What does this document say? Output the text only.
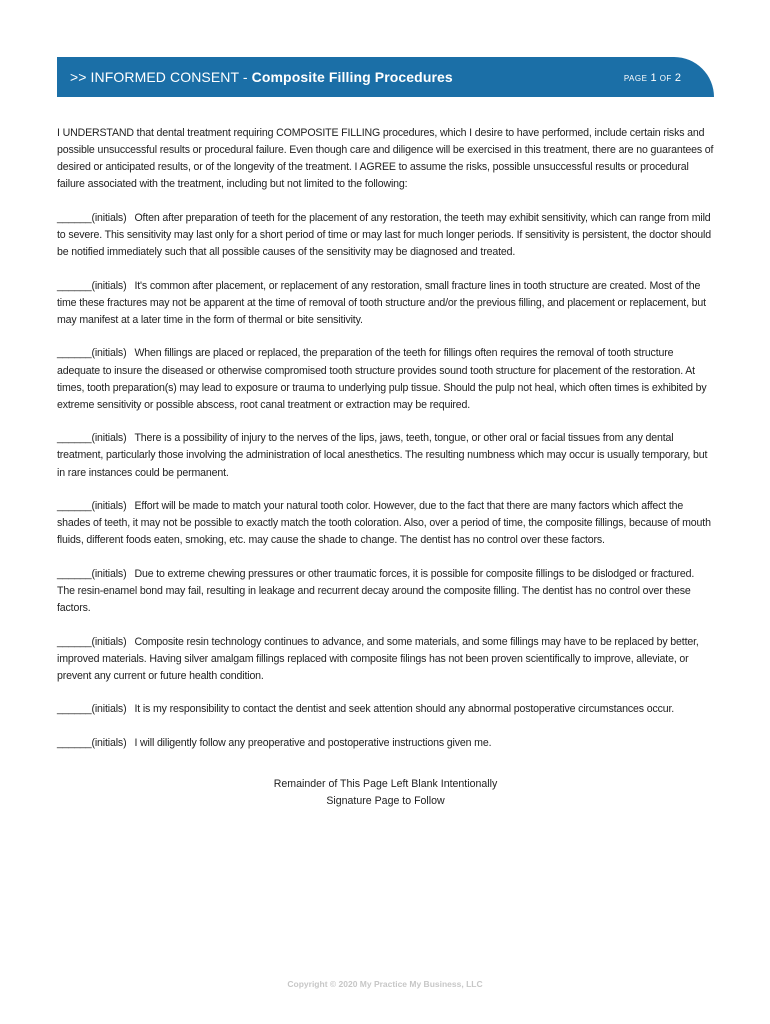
>> INFORMED CONSENT - Composite Filling Procedures	PAGE 1 OF 2

I UNDERSTAND that dental treatment requiring COMPOSITE FILLING procedures, which I desire to have performed, include certain risks and possible unsuccessful results or procedural failure. Even though care and diligence will be exercised in this treatment, there are no guarantees of desired or anticipated results, or of the longevity of the treatment. I AGREE to assume the risks, possible unsuccessful results or procedural failure associated with the treatment, including but not limited to the following:

______(initials) Often after preparation of teeth for the placement of any restoration, the teeth may exhibit sensitivity, which can range from mild to severe. This sensitivity may last only for a short period of time or may last for much longer periods. If sensitivity is persistent, the doctor should be notified immediately such that all possible causes of the sensitivity may be diagnosed and treated.

______(initials) It's common after placement, or replacement of any restoration, small fracture lines in tooth structure are created. Most of the time these fractures may not be apparent at the time of removal of tooth structure and/or the previous filling, and placement or replacement, but may manifest at a later time in the form of thermal or bite sensitivity.

______(initials) When fillings are placed or replaced, the preparation of the teeth for fillings often requires the removal of tooth structure adequate to insure the diseased or otherwise compromised tooth structure provides sound tooth structure for placement of the restoration. At times, tooth preparation(s) may lead to exposure or trauma to underlying pulp tissue. Should the pulp not heal, which often times is exhibited by extreme sensitivity or possible abscess, root canal treatment or extraction may be required.

______(initials) There is a possibility of injury to the nerves of the lips, jaws, teeth, tongue, or other oral or facial tissues from any dental treatment, particularly those involving the administration of local anesthetics. The resulting numbness which may occur is usually temporary, but in rare instances could be permanent.

______(initials) Effort will be made to match your natural tooth color. However, due to the fact that there are many factors which affect the shades of teeth, it may not be possible to exactly match the tooth coloration. Also, over a period of time, the composite fillings, because of mouth fluids, different foods eaten, smoking, etc. may cause the shade to change. The dentist has no control over these factors.

______(initials) Due to extreme chewing pressures or other traumatic forces, it is possible for composite fillings to be dislodged or fractured. The resin-enamel bond may fail, resulting in leakage and recurrent decay around the composite filling. The dentist has no control over these factors.

______(initials) Composite resin technology continues to advance, and some materials, and some fillings may have to be replaced by better, improved materials. Having silver amalgam fillings replaced with composite filings has not been proven scientifically to improve, alleviate, or prevent any current or future health condition.

______(initials) It is my responsibility to contact the dentist and seek attention should any abnormal postoperative circumstances occur.

______(initials) I will diligently follow any preoperative and postoperative instructions given me.

Remainder of This Page Left Blank Intentionally
Signature Page to Follow
Copyright © 2020 My Practice My Business, LLC
